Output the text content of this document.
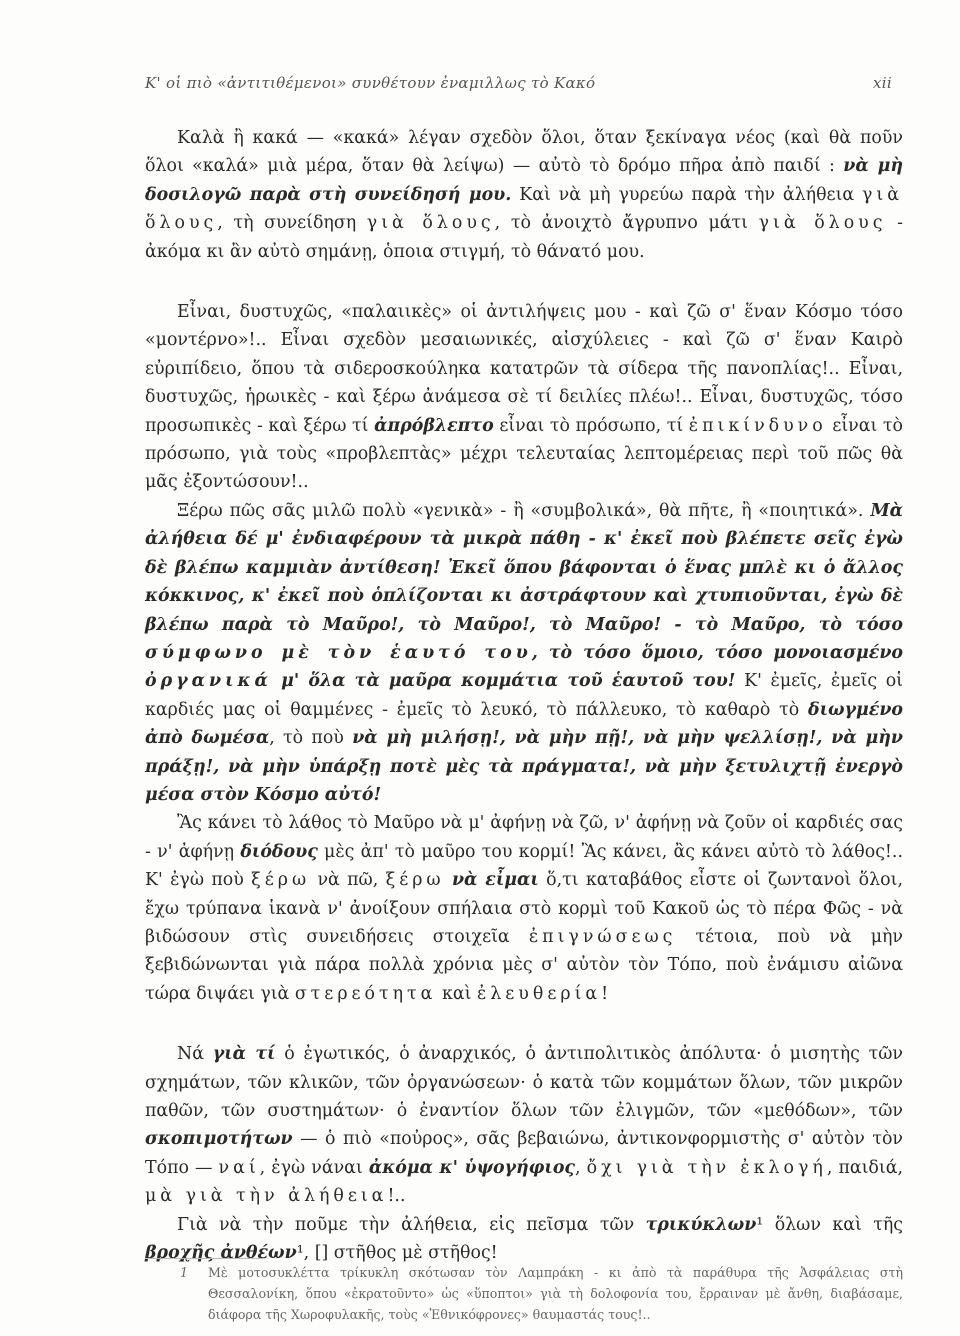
Κ' οἱ πιὸ «ἀντιτιθέμενοι» συνθέτουν ἐναμιλλως τὸ Κακό	xii

Καλὰ ἢ κακά — «κακά» λέγαν σχεδὸν ὅλοι, ὅταν ξεκίναγα νέος (καὶ θὰ ποῦν ὅλοι «καλά» μιὰ μέρα, ὅταν θὰ λείψω) — αὐτὸ τὸ δρόμο πῆρα ἀπὸ παιδί : νὰ μὴ δοσιλογῶ παρὰ στὴ συνείδησή μου. Καὶ νὰ μὴ γυρεύω παρὰ τὴν ἀλήθεια γιὰ ὅλους, τὴ συνείδηση γιὰ ὅλους, τὸ ἀνοιχτὸ ἄγρυπνο μάτι γιὰ ὅλους - ἀκόμα κι ἂν αὐτὸ σημάνῃ, ὁποια στιγμή, τὸ θάνατό μου.

Εἶναι, δυστυχῶς, «παλαιικὲς» οἱ ἀντιλήψεις μου - καὶ ζῶ σ' ἕναν Κόσμο τόσο «μοντέρνο»!.. Εἶναι σχεδὸν μεσαιωνικές, αἰσχύλειες - καὶ ζῶ σ' ἕναν Καιρὸ εὐριπίδειο, ὅπου τὰ σιδεροσκούληκα κατατρῶν τὰ σίδερα τῆς πανοπλίας!.. Εἶναι, δυστυχῶς, ἡρωικὲς - καὶ ξέρω ἀνάμεσα σὲ τί δειλίες πλέω!.. Εἶναι, δυστυχῶς, τόσο προσωπικὲς - καὶ ξέρω τί ἀπρόβλεπτο εἶναι τὸ πρόσωπο, τί ἐπικίνδυνο εἶναι τὸ πρόσωπο, γιὰ τοὺς «προβλεπτὰς» μέχρι τελευταίας λεπτομέρειας περὶ τοῦ πῶς θὰ μᾶς ἐξοντώσουν!..

Ξέρω πῶς σᾶς μιλῶ πολὺ «γενικὰ» - ἢ «συμβολικά», θὰ πῆτε, ἢ «ποιητικά». Μὰ ἀλήθεια δέ μ' ἐνδιαφέρουν τὰ μικρὰ πάθη - κ' ἐκεῖ ποὺ βλέπετε σεῖς ἐγὼ δὲ βλέπω καμμιὰν ἀντίθεση! Ἐκεῖ ὅπου βάφονται ὁ ἕνας μπλὲ κι ὁ ἄλλος κόκκινος, κ' ἐκεῖ ποὺ ὁπλίζονται κι ἀστράφτουν καὶ χτυπιοῦνται, ἐγὼ δὲ βλέπω παρὰ τὸ Μαῦρο!, τὸ Μαῦρο!, τὸ Μαῦρο! - τὸ Μαῦρο, τὸ τόσο σύμφωνο μὲ τὸν ἑαυτό του, τὸ τόσο ὅμοιο, τόσο μονοιασμένο ὀργανικά μ' ὅλα τὰ μαῦρα κομμάτια τοῦ ἑαυτοῦ του! Κ' ἐμεῖς, ἐμεῖς οἱ καρδιές μας οἱ θαμμένες - ἐμεῖς τὸ λευκό, τὸ πάλλευκο, τὸ καθαρὸ τὸ διωγμένο ἀπὸ δωμέσα, τὸ ποὺ νὰ μὴ μιλήσῃ!, νὰ μὴν πῇ!, νὰ μὴν ψελλίσῃ!, νὰ μὴν πράξῃ!, νὰ μὴν ὑπάρξῃ ποτὲ μὲς τὰ πράγματα!, νὰ μὴν ξετυλιχτῇ ἐνεργὸ μέσα στὸν Κόσμο αὐτό!

Ἂς κάνει τὸ λάθος τὸ Μαῦρο νὰ μ' ἀφήνῃ νὰ ζῶ, ν' ἀφήνῃ νὰ ζοῦν οἱ καρδιές σας - ν' ἀφήνῃ διόδους μὲς ἀπ' τὸ μαῦρο του κορμί! Ἂς κάνει, ἂς κάνει αὐτὸ τὸ λάθος!.. Κ' ἐγὼ ποὺ ξέρω νὰ πῶ, ξέρω νὰ εἶμαι ὅ,τι καταβάθος εἶστε οἱ ζωντανοὶ ὅλοι, ἔχω τρύπανα ἱκανὰ ν' ἀνοίξουν σπήλαια στὸ κορμὶ τοῦ Κακοῦ ὡς τὸ πέρα Φῶς - νὰ βιδώσουν στὶς συνειδήσεις στοιχεῖα ἐπιγνώσεως τέτοια, ποὺ νὰ μὴν ξεβιδώνωνται γιὰ πάρα πολλὰ χρόνια μὲς σ' αὐτὸν τὸν Τόπο, ποὺ ἐνάμισυ αἰῶνα τώρα διψάει γιὰ στερεότητα καὶ ἐλευθερία!

Νά γιὰ τί ὁ ἐγωτικός, ὁ ἀναρχικός, ὁ ἀντιπολιτικὸς ἀπόλυτα· ὁ μισητὴς τῶν σχημάτων, τῶν κλικῶν, τῶν ὀργανώσεων· ὁ κατὰ τῶν κομμάτων ὅλων, τῶν μικρῶν παθῶν, τῶν συστημάτων· ὁ ἐναντίον ὅλων τῶν ἐλιγμῶν, τῶν «μεθόδων», τῶν σκοπιμοτήτων — ὁ πιὸ «ποὐρος», σᾶς βεβαιώνω, ἀντικονφορμιστὴς σ' αὐτὸν τὸν Τόπο — ναί, ἐγὼ νάναι ἀκόμα κ' ὑψογήφιος, ὄχι γιὰ τὴν ἐκλογή, παιδιά, μὰ γιὰ τὴν ἀλήθεια!..

Γιὰ νὰ τὴν ποῦμε τὴν ἀλήθεια, εἰς πεῖσμα τῶν τρικύκλων¹ ὅλων καὶ τῆς βροχῆς ἀνθέων¹, [] στῆθος μὲ στῆθος!

1 Μὲ μοτοσυκλέττα τρίκυκλη σκότωσαν τὸν Λαμπράκη - κι ἀπὸ τὰ παράθυρα τῆς Ἀσφάλειας στὴ Θεσσαλονίκη, ὅπου «ἐκρατοῦντο» ὡς «ὕποπτοι» γιὰ τὴ δολοφονία του, ἔρραιναν μὲ ἄνθη, διαβάσαμε, διάφορα τῆς Χωροφυλακῆς, τοὺς «Ἐθνικόφρονες» θαυμαστάς τους!..
